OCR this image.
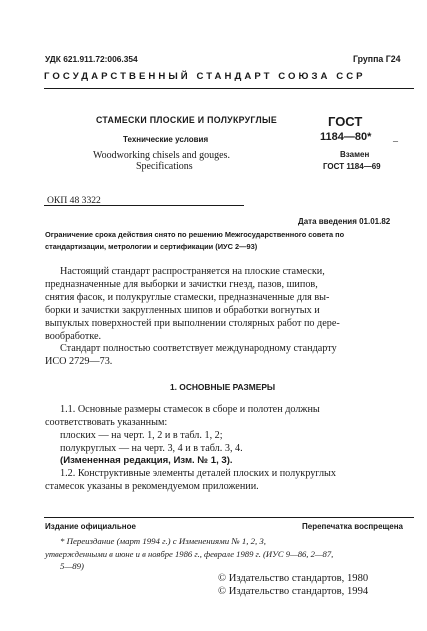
УДК 621.911.72:006.354	Группа Г24
ГОСУДАРСТВЕННЫЙ СТАНДАРТ СОЮЗА ССР
СТАМЕСКИ ПЛОСКИЕ И ПОЛУКРУГЛЫЕ
Технические условия
Woodworking chisels and gouges.
Specifications
ГОСТ
1184—80* –
Взамен
ГОСТ 1184—69
ОКП 48 3322
Дата введения 01.01.82
Ограничение срока действия снято по решению Межгосударственного совета по
стандартизации, метрологии и сертификации (ИУС 2—93)
Настоящий стандарт распространяется на плоские стамески,
предназначенные для выборки и зачистки гнезд, пазов, шипов,
снятия фасок, и полукруглые стамески, предназначенные для вы-
борки и зачистки закругленных шипов и обработки вогнутых и
выпуклых поверхностей при выполнении столярных работ по дере-
вообработке.
Стандарт полностью соответствует международному стандарту
ИСО 2729—73.
1. ОСНОВНЫЕ РАЗМЕРЫ
1.1. Основные размеры стамесок в сборе и полотен должны
соответствовать указанным:
плоских — на черт. 1, 2 и в табл. 1, 2;
полукруглых — на черт. 3, 4 и в табл. 3, 4.
(Измененная редакция, Изм. № 1, 3).
1.2. Конструктивные элементы деталей плоских и полукруглых
стамесок указаны в рекомендуемом приложении.
Издание официальное	Перепечатка воспрещена
* Переиздание (март 1994 г.) с Изменениями № 1, 2, 3,
утвержденными в июне и в ноябре 1986 г., феврале 1989 г. (ИУС 9—86, 2—87,
5—89)
© Издательство стандартов, 1980
© Издательство стандартов, 1994
